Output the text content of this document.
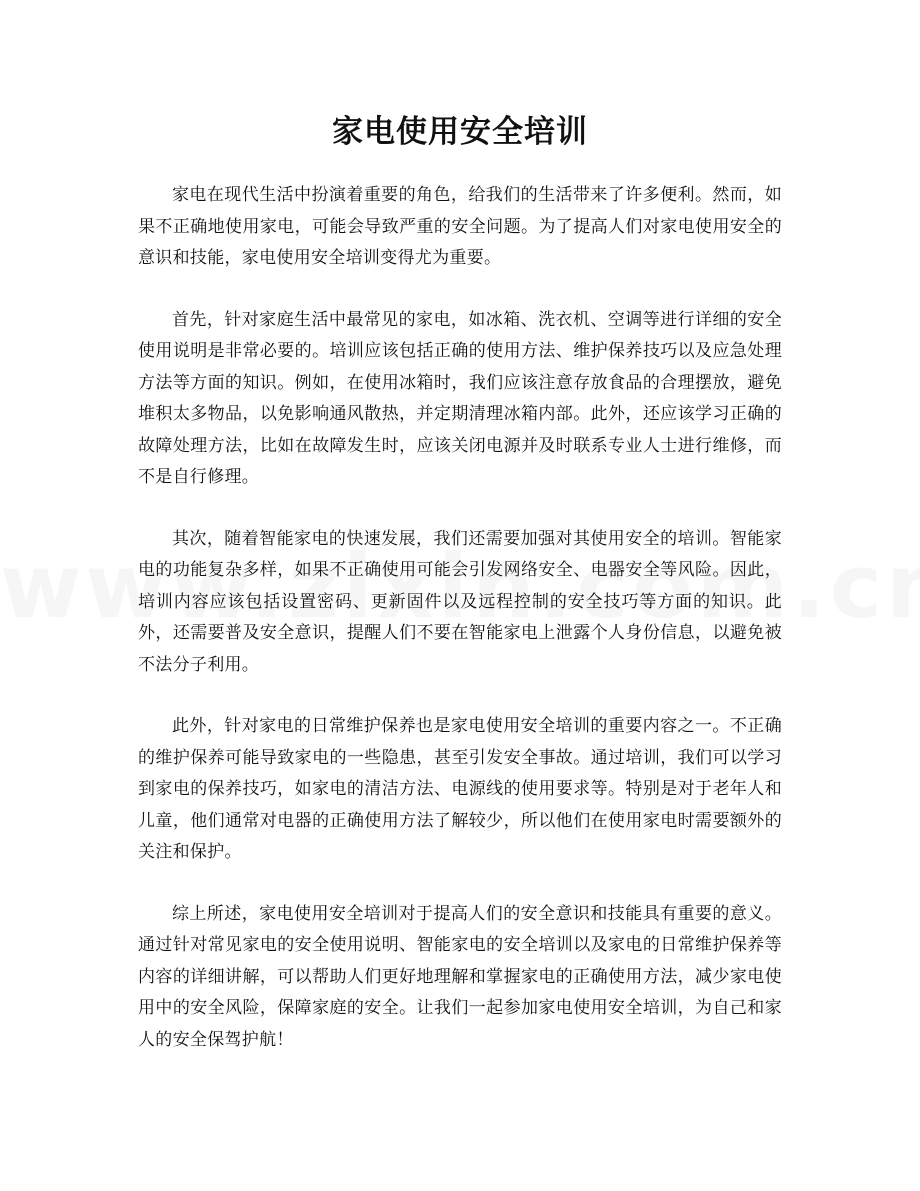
家电使用安全培训

家电在现代生活中扮演着重要的角色，给我们的生活带来了许多便利。然而，如果不正确地使用家电，可能会导致严重的安全问题。为了提高人们对家电使用安全的意识和技能，家电使用安全培训变得尤为重要。

首先，针对家庭生活中最常见的家电，如冰箱、洗衣机、空调等进行详细的安全使用说明是非常必要的。培训应该包括正确的使用方法、维护保养技巧以及应急处理方法等方面的知识。例如，在使用冰箱时，我们应该注意存放食品的合理摆放，避免堆积太多物品，以免影响通风散热，并定期清理冰箱内部。此外，还应该学习正确的故障处理方法，比如在故障发生时，应该关闭电源并及时联系专业人士进行维修，而不是自行修理。

其次，随着智能家电的快速发展，我们还需要加强对其使用安全的培训。智能家电的功能复杂多样，如果不正确使用可能会引发网络安全、电器安全等风险。因此，培训内容应该包括设置密码、更新固件以及远程控制的安全技巧等方面的知识。此外，还需要普及安全意识，提醒人们不要在智能家电上泄露个人身份信息，以避免被不法分子利用。

此外，针对家电的日常维护保养也是家电使用安全培训的重要内容之一。不正确的维护保养可能导致家电的一些隐患，甚至引发安全事故。通过培训，我们可以学习到家电的保养技巧，如家电的清洁方法、电源线的使用要求等。特别是对于老年人和儿童，他们通常对电器的正确使用方法了解较少，所以他们在使用家电时需要额外的关注和保护。

综上所述，家电使用安全培训对于提高人们的安全意识和技能具有重要的意义。通过针对常见家电的安全使用说明、智能家电的安全培训以及家电的日常维护保养等内容的详细讲解，可以帮助人们更好地理解和掌握家电的正确使用方法，减少家电使用中的安全风险，保障家庭的安全。让我们一起参加家电使用安全培训，为自己和家人的安全保驾护航！
